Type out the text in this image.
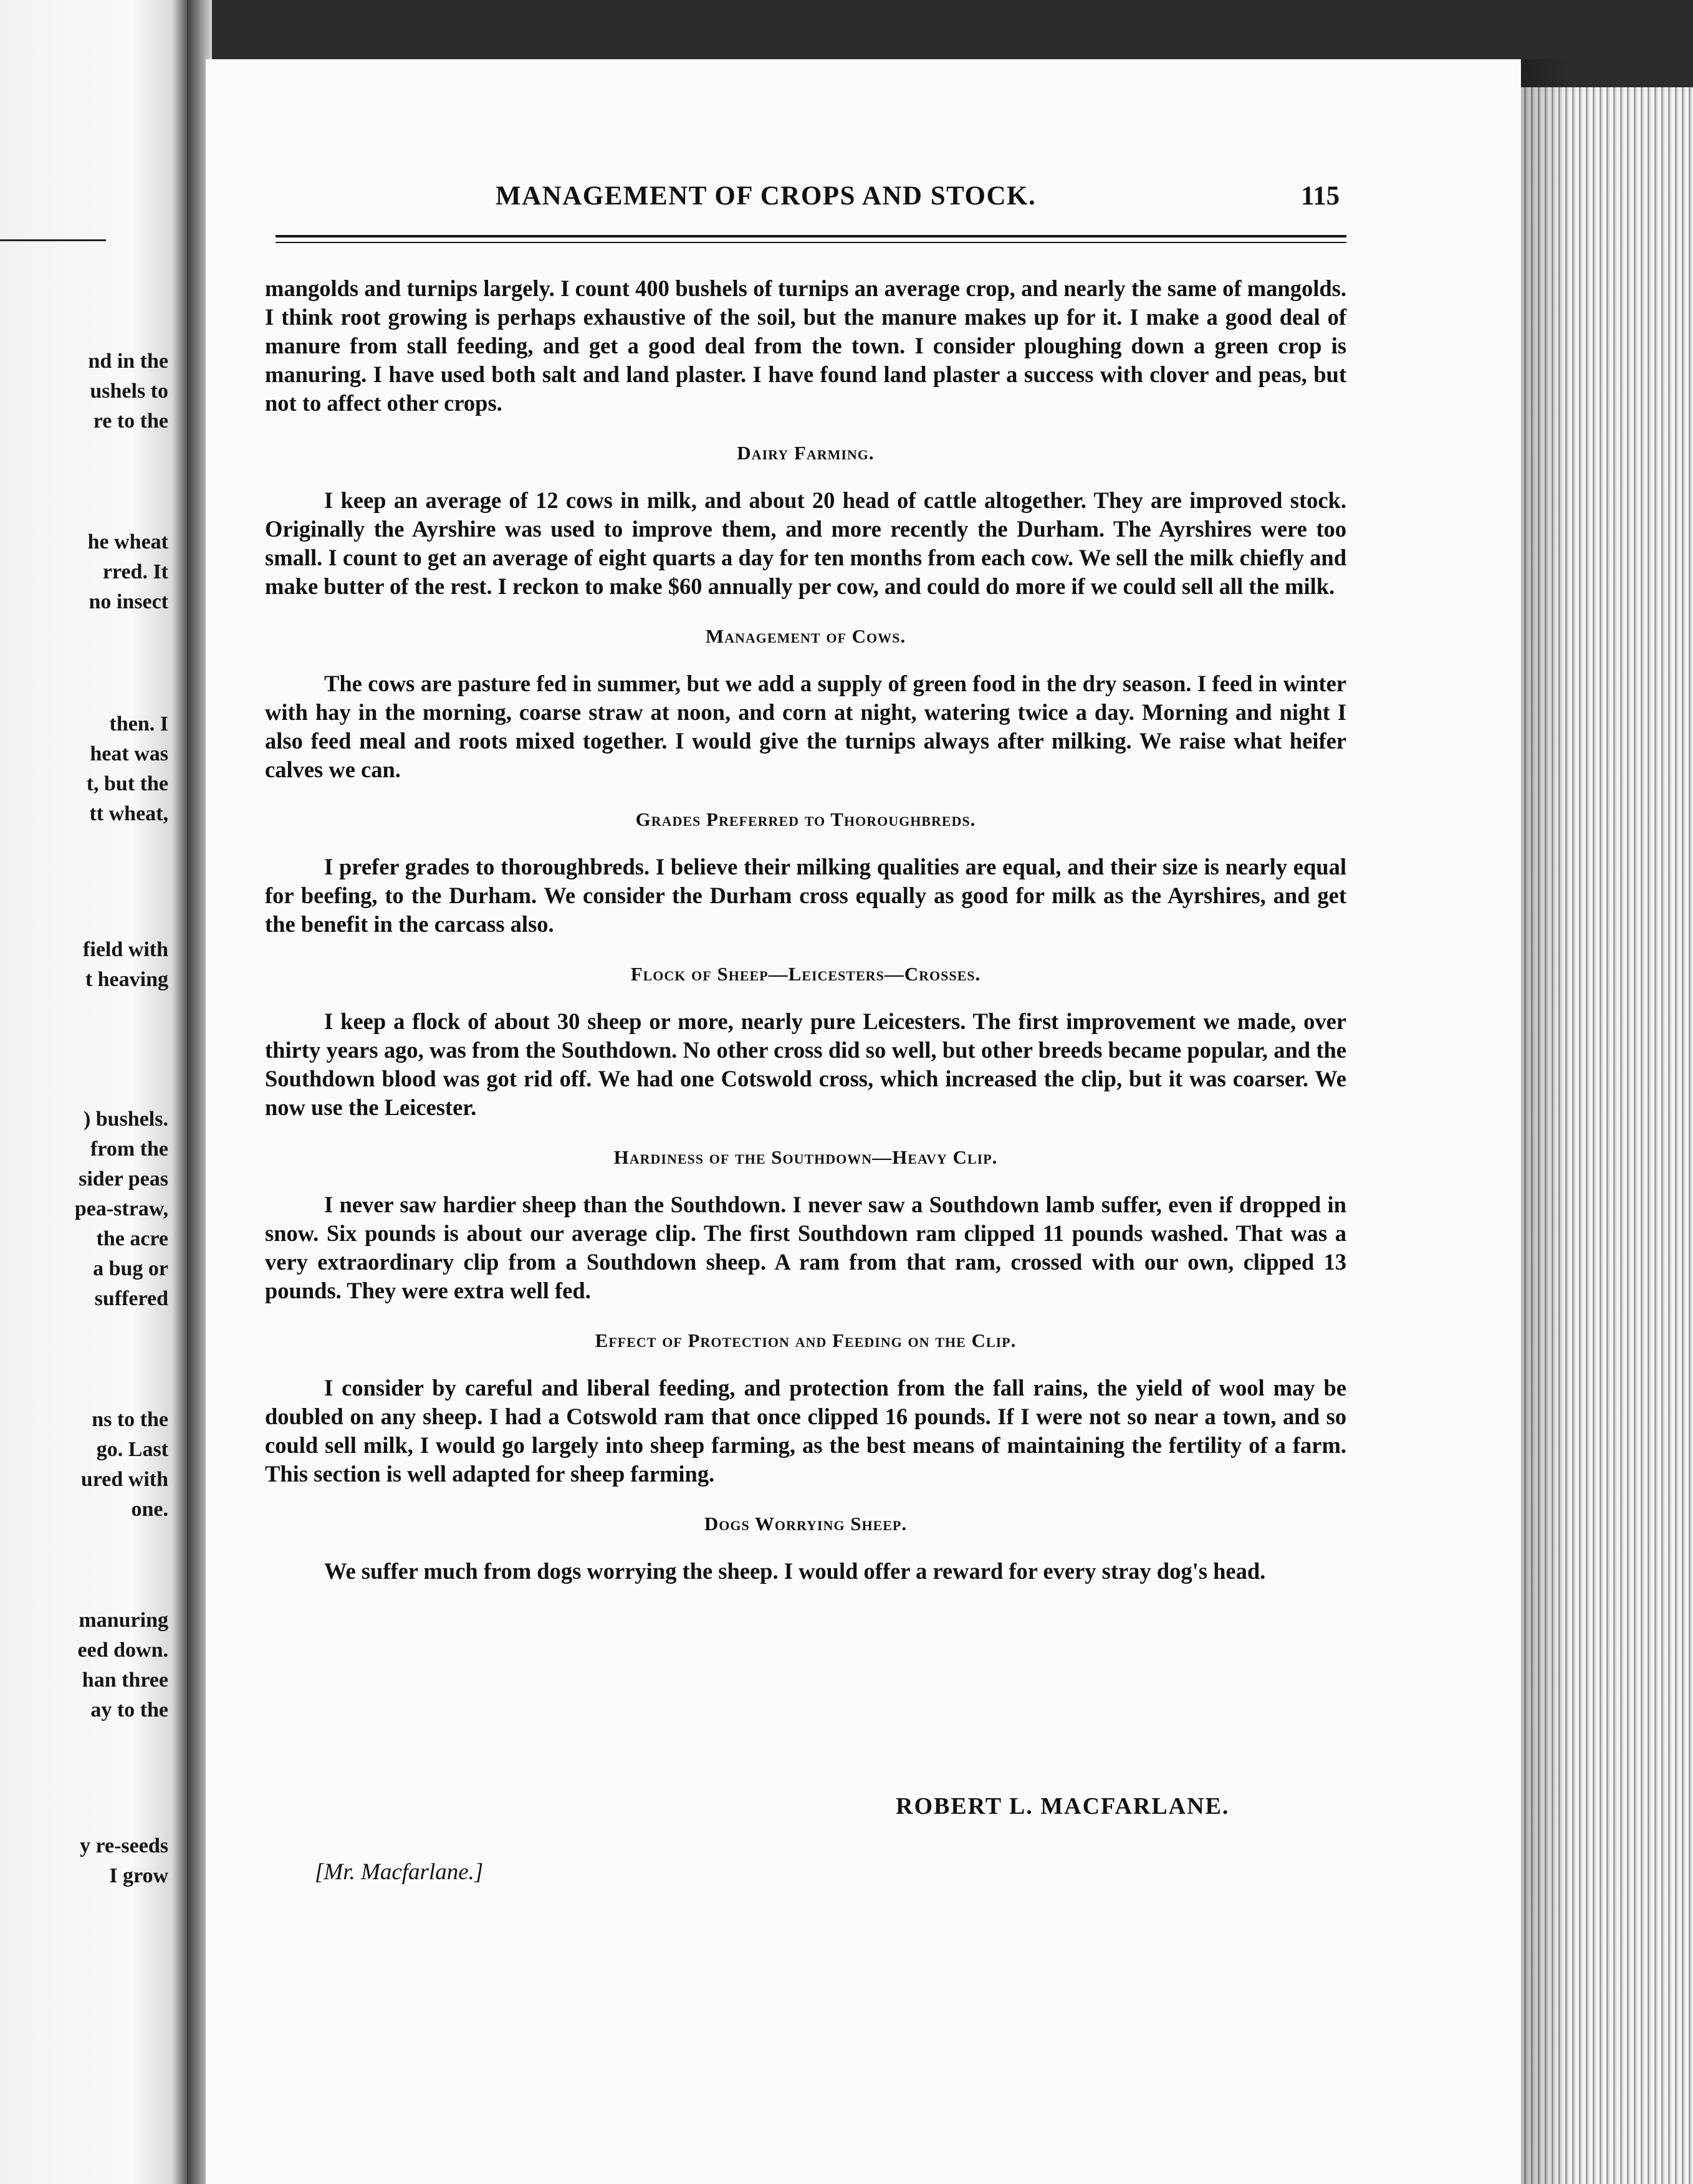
nd in the
ushels to
re to the
he wheat
rred. It
no insect
then. I
heat was
t, but the
tt wheat,
field with
t heaving
) bushels.
from the
sider peas
pea-straw,
the acre
a bug or
suffered
ns to the
go. Last
ured with
one.
manuring
eed down.
han three
ay to the
y re-seeds
I grow
MANAGEMENT OF CROPS AND STOCK.	115

mangolds and turnips largely. I count 400 bushels of turnips an average crop, and nearly the same of mangolds. I think root growing is perhaps exhaustive of the soil, but the manure makes up for it. I make a good deal of manure from stall feeding, and get a good deal from the town. I consider ploughing down a green crop is manuring. I have used both salt and land plaster. I have found land plaster a success with clover and peas, but not to affect other crops.

Dairy Farming.

I keep an average of 12 cows in milk, and about 20 head of cattle altogether. They are improved stock. Originally the Ayrshire was used to improve them, and more recently the Durham. The Ayrshires were too small. I count to get an average of eight quarts a day for ten months from each cow. We sell the milk chiefly and make butter of the rest. I reckon to make $60 annually per cow, and could do more if we could sell all the milk.

Management of Cows.

The cows are pasture fed in summer, but we add a supply of green food in the dry season. I feed in winter with hay in the morning, coarse straw at noon, and corn at night, watering twice a day. Morning and night I also feed meal and roots mixed together. I would give the turnips always after milking. We raise what heifer calves we can.

Grades Preferred to Thoroughbreds.

I prefer grades to thoroughbreds. I believe their milking qualities are equal, and their size is nearly equal for beefing, to the Durham. We consider the Durham cross equally as good for milk as the Ayrshires, and get the benefit in the carcass also.

Flock of Sheep—Leicesters—Crosses.

I keep a flock of about 30 sheep or more, nearly pure Leicesters. The first improvement we made, over thirty years ago, was from the Southdown. No other cross did so well, but other breeds became popular, and the Southdown blood was got rid off. We had one Cotswold cross, which increased the clip, but it was coarser. We now use the Leicester.

Hardiness of the Southdown—Heavy Clip.

I never saw hardier sheep than the Southdown. I never saw a Southdown lamb suffer, even if dropped in snow. Six pounds is about our average clip. The first Southdown ram clipped 11 pounds washed. That was a very extraordinary clip from a Southdown sheep. A ram from that ram, crossed with our own, clipped 13 pounds. They were extra well fed.

Effect of Protection and Feeding on the Clip.

I consider by careful and liberal feeding, and protection from the fall rains, the yield of wool may be doubled on any sheep. I had a Cotswold ram that once clipped 16 pounds. If I were not so near a town, and so could sell milk, I would go largely into sheep farming, as the best means of maintaining the fertility of a farm. This section is well adapted for sheep farming.

Dogs Worrying Sheep.

We suffer much from dogs worrying the sheep. I would offer a reward for every stray dog's head.

ROBERT L. MACFARLANE.
[Mr. Macfarlane.]
